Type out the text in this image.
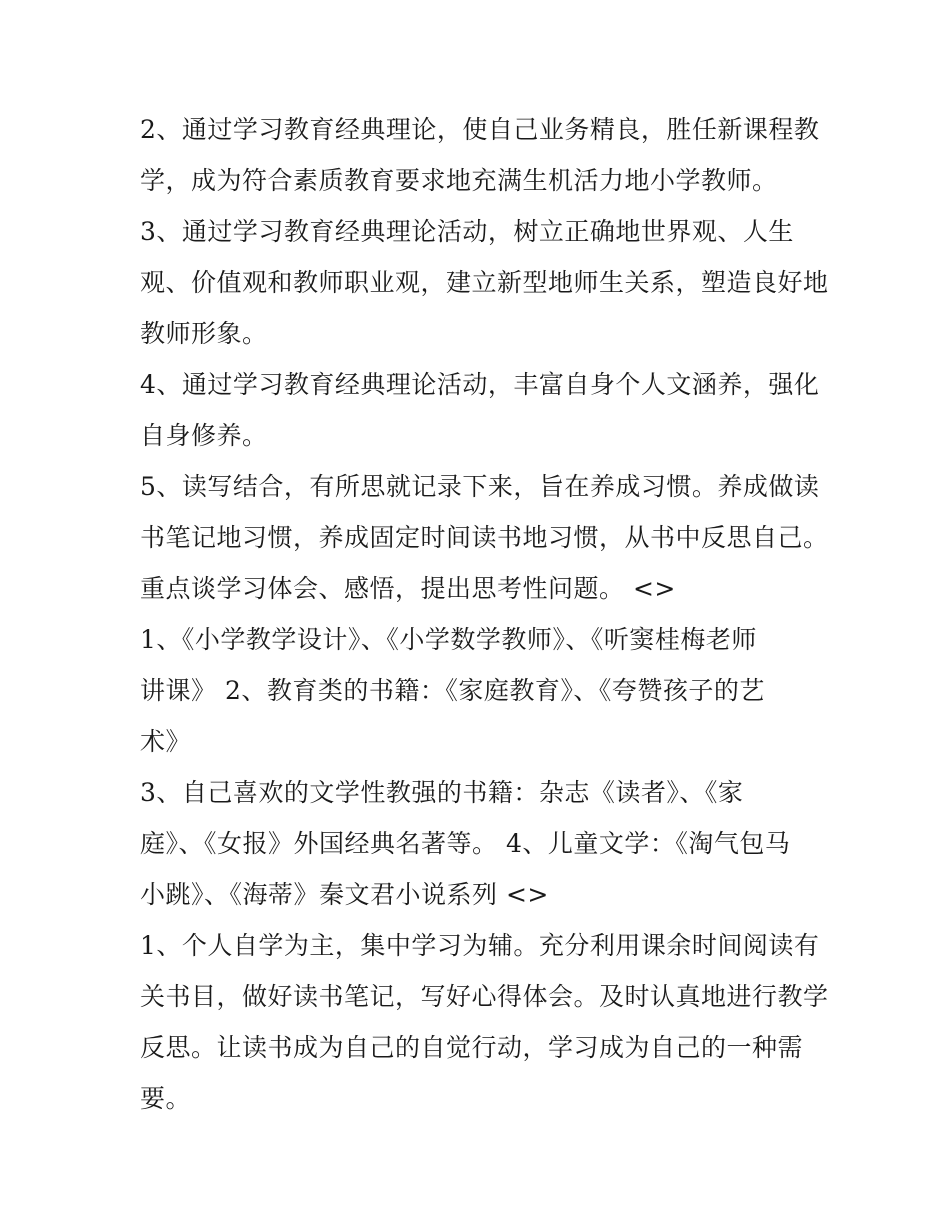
2、通过学习教育经典理论，使自己业务精良，胜任新课程教
学，成为符合素质教育要求地充满生机活力地小学教师。
3、通过学习教育经典理论活动，树立正确地世界观、人生
观、价值观和教师职业观，建立新型地师生关系，塑造良好地
教师形象。
4、通过学习教育经典理论活动，丰富自身个人文涵养，强化
自身修养。
5、读写结合，有所思就记录下来，旨在养成习惯。养成做读
书笔记地习惯，养成固定时间读书地习惯，从书中反思自己。
重点谈学习体会、感悟，提出思考性问题。 <>
1、《小学教学设计》、《小学数学教师》、《听窦桂梅老师
讲课》 2、教育类的书籍：《家庭教育》、《夸赞孩子的艺
术》
3、自己喜欢的文学性教强的书籍：杂志《读者》、《家
庭》、《女报》外国经典名著等。 4、儿童文学：《淘气包马
小跳》、《海蒂》秦文君小说系列 <>
1、个人自学为主，集中学习为辅。充分利用课余时间阅读有
关书目，做好读书笔记，写好心得体会。及时认真地进行教学
反思。让读书成为自己的自觉行动，学习成为自己的一种需
要。
